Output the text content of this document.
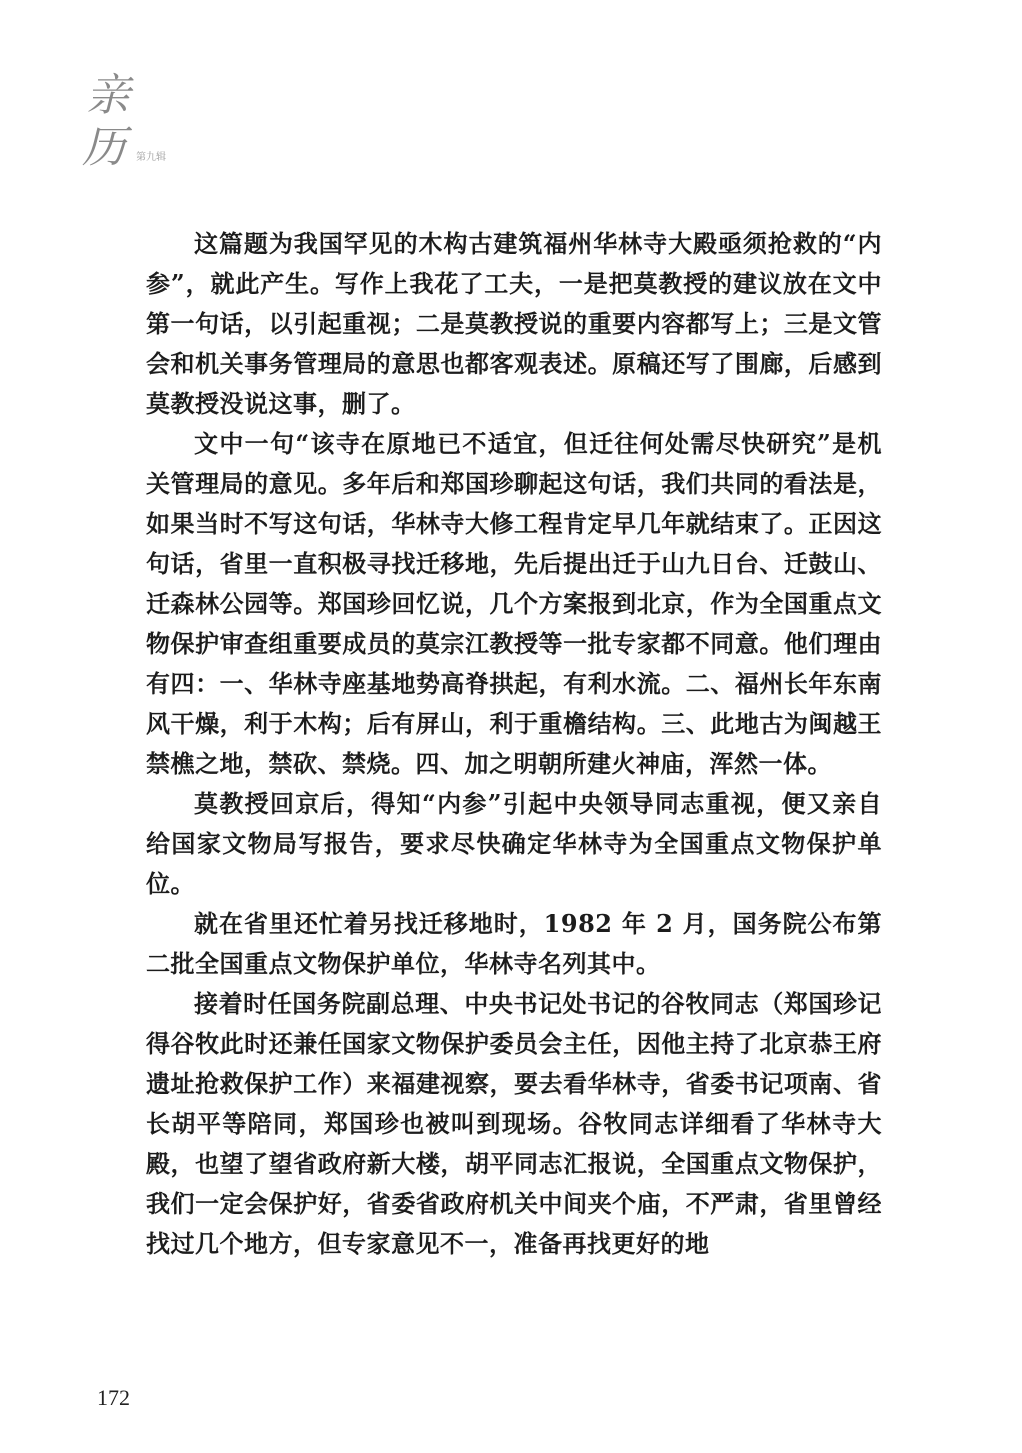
亲
历	第九辑

这篇题为我国罕见的木构古建筑福州华林寺大殿亟须抢救的“内参”，就此产生。写作上我花了工夫，一是把莫教授的建议放在文中第一句话，以引起重视；二是莫教授说的重要内容都写上；三是文管会和机关事务管理局的意思也都客观表述。原稿还写了围廊，后感到莫教授没说这事，删了。

文中一句“该寺在原地已不适宜，但迁往何处需尽快研究”是机关管理局的意见。多年后和郑国珍聊起这句话，我们共同的看法是，如果当时不写这句话，华林寺大修工程肯定早几年就结束了。正因这句话，省里一直积极寻找迁移地，先后提出迁于山九日台、迁鼓山、迁森林公园等。郑国珍回忆说，几个方案报到北京，作为全国重点文物保护审查组重要成员的莫宗江教授等一批专家都不同意。他们理由有四：一、华林寺座基地势高脊拱起，有利水流。二、福州长年东南风干燥，利于木构；后有屏山，利于重檐结构。三、此地古为闽越王禁樵之地，禁砍、禁烧。四、加之明朝所建火神庙，浑然一体。

莫教授回京后，得知“内参”引起中央领导同志重视，便又亲自给国家文物局写报告，要求尽快确定华林寺为全国重点文物保护单位。

就在省里还忙着另找迁移地时，1982 年 2 月，国务院公布第二批全国重点文物保护单位，华林寺名列其中。

接着时任国务院副总理、中央书记处书记的谷牧同志（郑国珍记得谷牧此时还兼任国家文物保护委员会主任，因他主持了北京恭王府遗址抢救保护工作）来福建视察，要去看华林寺，省委书记项南、省长胡平等陪同，郑国珍也被叫到现场。谷牧同志详细看了华林寺大殿，也望了望省政府新大楼，胡平同志汇报说，全国重点文物保护，我们一定会保护好，省委省政府机关中间夹个庙，不严肃，省里曾经找过几个地方，但专家意见不一，准备再找更好的地

172
